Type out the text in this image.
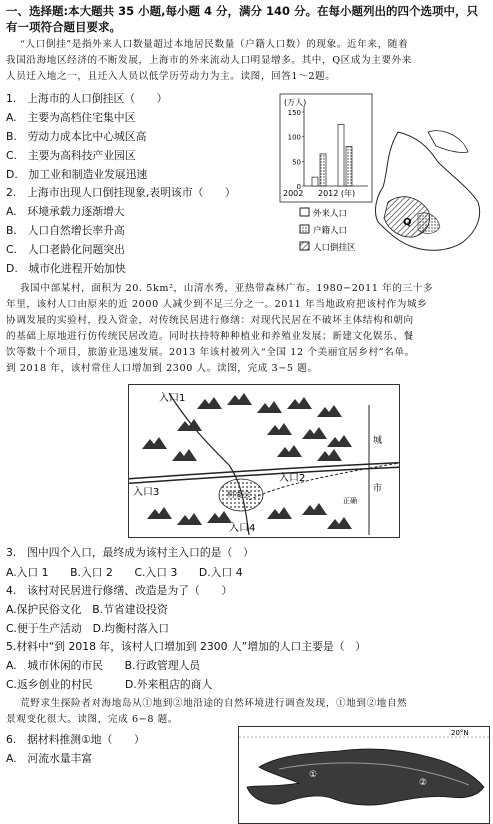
一、选择题:本大题共 35 小题,每小题 4 分，满分 140 分。在每小题列出的四个选项中，只
有一项符合题目要求。
“人口倒挂”是指外来人口数量超过本地居民数量（户籍人口数）的现象。近年来，随着
我国沿海地区经济的不断发展，上海市的外来流动人口明显增多。其中，Q区成为主要外来
人员迁入地之一，且迁入人员以低学历劳动力为主。读图，回答1～2题。
1.　 上海市的人口倒挂区（　　）
A.　主要为高档住宅集中区
B.　劳动力成本比中心城区高
C.　主要为高科技产业园区
D.　加工业和制造业发展迅速
2.　 上海市出现人口倒挂现象,表明该市（　　）
A.　环境承载力逐渐增大
B.　人口自然增长率升高
C.　人口老龄化问题突出
D.　城市化进程开始加快
150
100
50
0
(万人)
2002 2012 (年)
Q
外来人口
户籍人口
人口倒挂区
我国中部某村，面积为 20. 5km²，山清水秀，亚热带森林广布。1980−2011 年的三十多
年里，该村人口由原来的近 2000 人减少到不足三分之一。2011 年当地政府把该村作为城乡
协调发展的实验村，投入资金，对传统民居进行修缮：对现代民居在不破坏主体结构和朝向
的基础上原地进行仿传统民居改造。同时扶持特种种植业和养殖业发展；新建文化娱乐、餐
饮等数十个项目，旅游业迅速发展。2013 年该村被列入“全国 12 个美丽宜居乡村”名单。
到 2018 年，该村常住人口增加到 2300 人。读图，完成 3−5 题。
入口1
入口2
入口3
入口4
城
市
正确
村委会
3.　 图中四个入口，最终成为该村主入口的是（　）
A.入口 1　　 B.入口 2　　 C.入口 3　　 D.入口 4
4.　 该村对民居进行修缮、改造是为了（　　）
A.保护民俗文化　 B.节省建设投资
C.便于生产活动　 D.均衡村落入口
5.材料中“到 2018 年，该村人口增加到 2300 人”增加的人口主要是（　）
A.　城市休闲的市民　　 B.行政管理人员
C.返乡创业的村民　　　	D.外来租店的商人
荒野求生探险者对海地岛从①地到②地沿途的自然环境进行调查发现，①地到②地自然
景观变化很大。读图，完成 6−8 题。
6.　 据材料推测①地（　　）
A.　河流水量丰富
20°N
①
②
